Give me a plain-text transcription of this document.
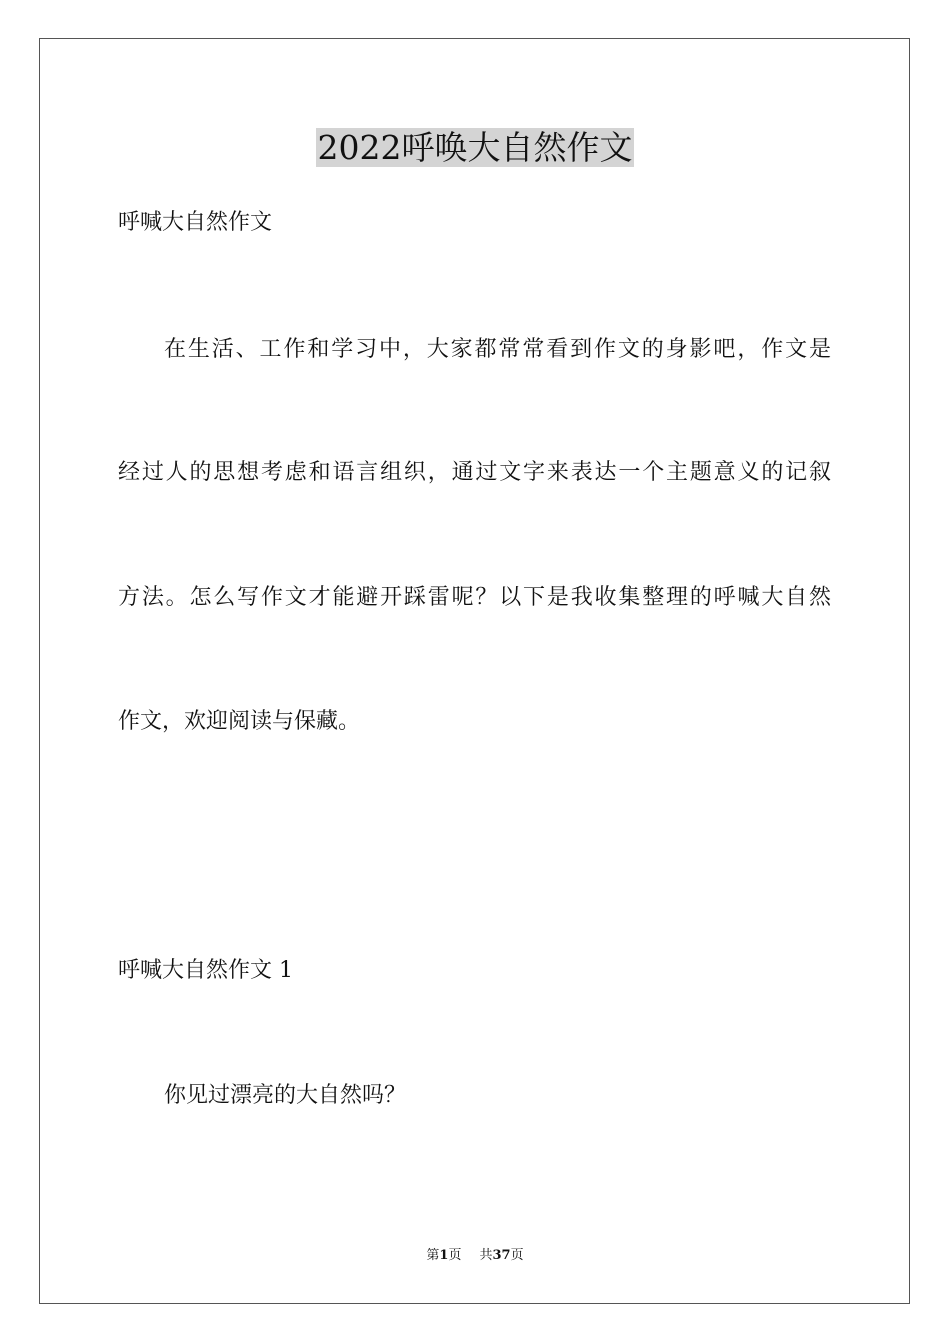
2022呼唤大自然作文
呼喊大自然作文
在生活、工作和学习中，大家都常常看到作文的身影吧，作文是
经过人的思想考虑和语言组织，通过文字来表达一个主题意义的记叙
方法。怎么写作文才能避开踩雷呢？以下是我收集整理的呼喊大自然
作文，欢迎阅读与保藏。
呼喊大自然作文 1
你见过漂亮的大自然吗？
第1页 共37页
